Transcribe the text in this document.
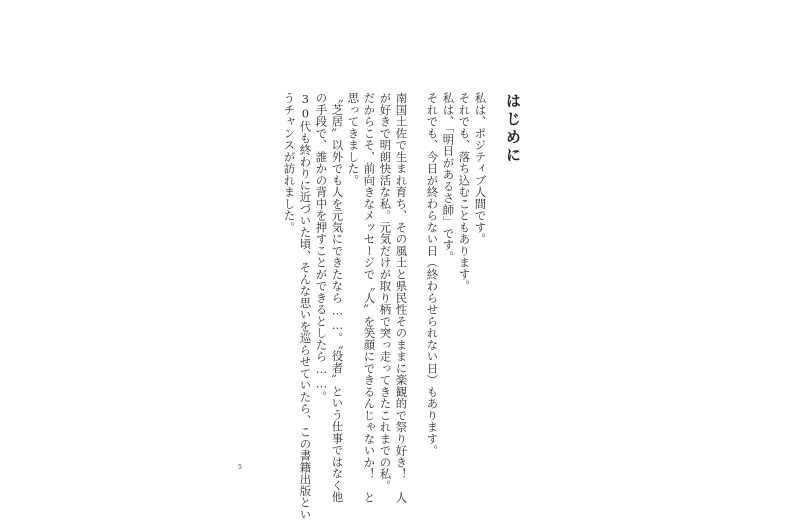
はじめに
私は、ポジティブ人間です。
それでも、落ち込むこともあります。
私は、「明日があるさ師」です。
それでも、今日が終わらない日（終わらせられない日）もあります。
南国土佐で生まれ育ち、その風土と県民性そのままに楽観的で祭り好き！　人
が好きで明朗快活な私。元気だけが取り柄で突っ走ってきたこれまでの私。
だからこそ、前向きなメッセージで〝人〟を笑顔にできるんじゃないか！　と
思ってきました。
〝芝居〟以外でも人を元気にできたなら……。〝役者〟という仕事ではなく他
の手段で、誰かの背中を押すことができるとしたら……。
30代も終わりに近づいた頃、そんな思いを巡らせていたら、この書籍出版とい
うチャンスが訪れました。
5
